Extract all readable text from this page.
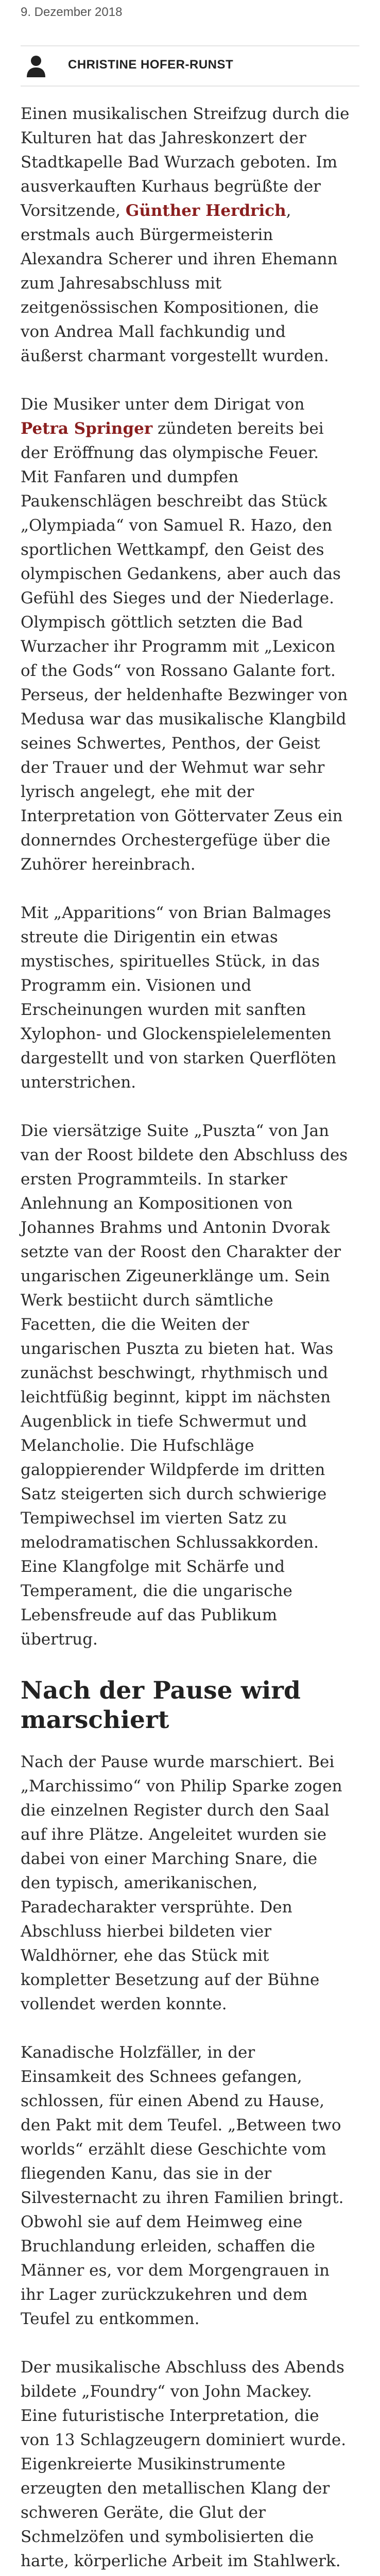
9. Dezember 2018
CHRISTINE HOFER-RUNST

Einen musikalischen Streifzug durch die Kulturen hat das Jahreskonzert der Stadtkapelle Bad Wurzach geboten. Im ausverkauften Kurhaus begrüßte der Vorsitzende, Günther Herdrich, erstmals auch Bürgermeisterin Alexandra Scherer und ihren Ehemann zum Jahresabschluss mit zeitgenössischen Kompositionen, die von Andrea Mall fachkundig und äußerst charmant vorgestellt wurden.

Die Musiker unter dem Dirigat von Petra Springer zündeten bereits bei der Eröffnung das olympische Feuer. Mit Fanfaren und dumpfen Paukenschlägen beschreibt das Stück „Olympiada“ von Samuel R. Hazo, den sportlichen Wettkampf, den Geist des olympischen Gedankens, aber auch das Gefühl des Sieges und der Niederlage. Olympisch göttlich setzten die Bad Wurzacher ihr Programm mit „Lexicon of the Gods“ von Rossano Galante fort. Perseus, der heldenhafte Bezwinger von Medusa war das musikalische Klangbild seines Schwertes, Penthos, der Geist der Trauer und der Wehmut war sehr lyrisch angelegt, ehe mit der Interpretation von Göttervater Zeus ein donnerndes Orchestergefüge über die Zuhörer hereinbrach.

Mit „Apparitions“ von Brian Balmages streute die Dirigentin ein etwas mystisches, spirituelles Stück, in das Programm ein. Visionen und Erscheinungen wurden mit sanften Xylophon- und Glockenspielelementen dargestellt und von starken Querflöten unterstrichen.

Die viersätzige Suite „Puszta“ von Jan van der Roost bildete den Abschluss des ersten Programmteils. In starker Anlehnung an Kompositionen von Johannes Brahms und Antonin Dvorak setzte van der Roost den Charakter der ungarischen Zigeunerklänge um. Sein Werk bestiicht durch sämtliche Facetten, die die Weiten der ungarischen Puszta zu bieten hat. Was zunächst beschwingt, rhythmisch und leichtfüßig beginnt, kippt im nächsten Augenblick in tiefe Schwermut und Melancholie. Die Hufschläge galoppierender Wildpferde im dritten Satz steigerten sich durch schwierige Tempiwechsel im vierten Satz zu melodramatischen Schlussakkorden. Eine Klangfolge mit Schärfe und Temperament, die die ungarische Lebensfreude auf das Publikum übertrug.

Nach der Pause wird marschiert

Nach der Pause wurde marschiert. Bei „Marchissimo“ von Philip Sparke zogen die einzelnen Register durch den Saal auf ihre Plätze. Angeleitet wurden sie dabei von einer Marching Snare, die den typisch, amerikanischen, Paradecharakter versprühte. Den Abschluss hierbei bildeten vier Waldhörner, ehe das Stück mit kompletter Besetzung auf der Bühne vollendet werden konnte.

Kanadische Holzfäller, in der Einsamkeit des Schnees gefangen, schlossen, für einen Abend zu Hause, den Pakt mit dem Teufel. „Between two worlds“ erzählt diese Geschichte vom fliegenden Kanu, das sie in der Silvesternacht zu ihren Familien bringt. Obwohl sie auf dem Heimweg eine Bruchlandung erleiden, schaffen die Männer es, vor dem Morgengrauen in ihr Lager zurückzukehren und dem Teufel zu entkommen.

Der musikalische Abschluss des Abends bildete „Foundry“ von John Mackey. Eine futuristische Interpretation, die von 13 Schlagzeugern dominiert wurde. Eigenkreierte Musikinstrumente erzeugten den metallischen Klang der schweren Geräte, die Glut der Schmelzöfen und symbolisierten die harte, körperliche Arbeit im Stahlwerk.
